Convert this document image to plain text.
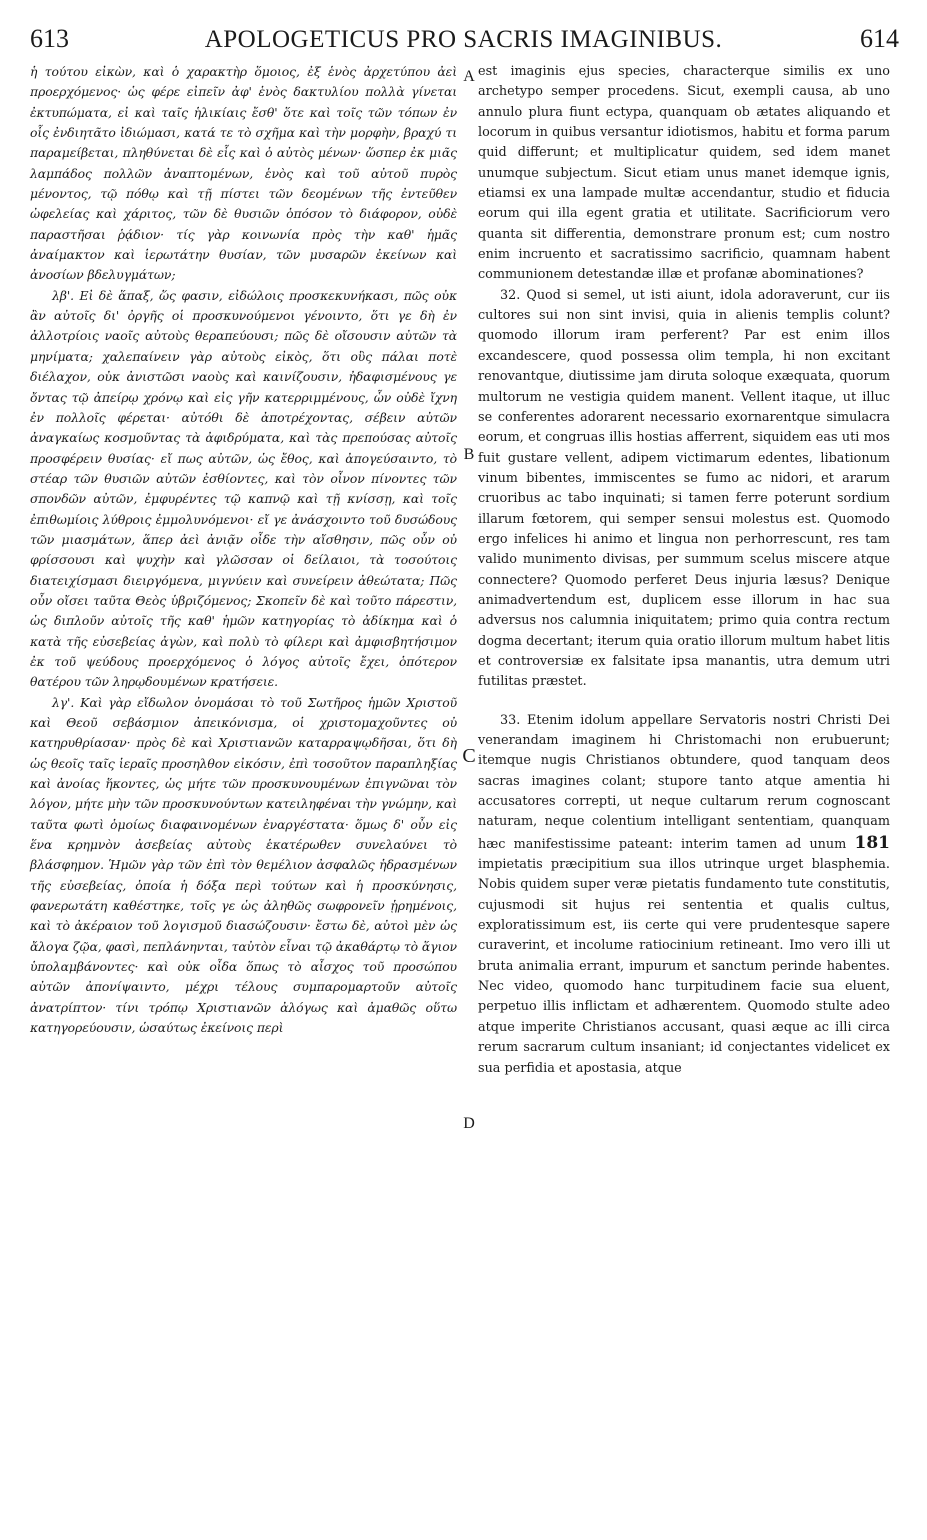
613	APOLOGETICUS PRO SACRIS IMAGINIBUS.	614
A
B
C
D

ἡ τούτου εἰκὼν, καὶ ὁ χαρακτὴρ ὅμοιος, ἐξ ἑνὸς ἀρχετύπου ἀεὶ προερχόμενος· ὡς φέρε εἰπεῖν ἀφ' ἑνὸς δακτυλίου πολλὰ γίνεται ἐκτυπώματα, εἰ καὶ ταῖς ἡλικίαις ἔσθ' ὅτε καὶ τοῖς τῶν τόπων ἐν οἷς ἐνδιητᾶτο ἰδιώμασι, κατά τε τὸ σχῆμα καὶ τὴν μορφὴν, βραχύ τι παραμείβεται, πληθύνεται δὲ εἷς καὶ ὁ αὐτὸς μένων· ὥσπερ ἐκ μιᾶς λαμπάδος πολλῶν ἀναπτομένων, ἑνὸς καὶ τοῦ αὐτοῦ πυρὸς μένοντος, τῷ πόθῳ καὶ τῇ πίστει τῶν δεομένων τῆς ἐντεῦθεν ὠφελείας καὶ χάριτος, τῶν δὲ θυσιῶν ὁπόσον τὸ διάφορον, οὐδὲ παραστῆσαι ῥᾴδιον· τίς γὰρ κοινωνία πρὸς τὴν καθ' ἡμᾶς ἀναίμακτον καὶ ἱερωτάτην θυσίαν, τῶν μυσαρῶν ἐκείνων καὶ ἀνοσίων βδελυγμάτων;

λβ'. Εἰ δὲ ἅπαξ, ὥς φασιν, εἰδώλοις προσκεκυνήκασι, πῶς οὐκ ἂν αὐτοῖς δι' ὀργῆς οἱ προσκυνούμενοι γένοιντο, ὅτι γε δὴ ἐν ἀλλοτρίοις ναοῖς αὐτοὺς θεραπεύουσι; πῶς δὲ οἴσουσιν αὐτῶν τὰ μηνίματα; χαλεπαίνειν γὰρ αὐτοὺς εἰκὸς, ὅτι οὓς πάλαι ποτὲ διέλαχον, οὐκ ἀνιστῶσι ναοὺς καὶ καινίζουσιν, ἠδαφισμένους γε ὄντας τῷ ἀπείρῳ χρόνῳ καὶ εἰς γῆν κατερριμμένους, ὧν οὐδὲ ἴχνη ἐν πολλοῖς φέρεται· αὐτόθι δὲ ἀποτρέχοντας, σέβειν αὐτῶν ἀναγκαίως κοσμοῦντας τὰ ἀφιδρύματα, καὶ τὰς πρεπούσας αὐτοῖς προσφέρειν θυσίας· εἴ πως αὐτῶν, ὡς ἔθος, καὶ ἀπογεύσαιντο, τὸ στέαρ τῶν θυσιῶν αὐτῶν ἐσθίοντες, καὶ τὸν οἶνον πίνοντες τῶν σπονδῶν αὐτῶν, ἐμφυρέντες τῷ καπνῷ καὶ τῇ κνίσσῃ, καὶ τοῖς ἐπιθωμίοις λύθροις ἐμμολυνόμενοι· εἴ γε ἀνάσχοιντο τοῦ δυσώδους τῶν μιασμάτων, ἅπερ ἀεὶ ἀνιᾷν οἶδε τὴν αἴσθησιν, πῶς οὖν οὐ φρίσσουσι καὶ ψυχὴν καὶ γλῶσσαν οἱ δείλαιοι, τὰ τοσούτοις διατειχίσμασι διειργόμενα, μιγνύειν καὶ συνείρειν ἀθεώτατα; Πῶς οὖν οἴσει ταῦτα Θεὸς ὑβριζόμενος; Σκοπεῖν δὲ καὶ τοῦτο πάρεστιν, ὡς διπλοῦν αὐτοῖς τῆς καθ' ἡμῶν κατηγορίας τὸ ἀδίκημα καὶ ὁ κατὰ τῆς εὐσεβείας ἀγὼν, καὶ πολὺ τὸ φίλερι καὶ ἀμφισβητήσιμον ἐκ τοῦ ψεύδους προερχόμενος ὁ λόγος αὐτοῖς ἔχει, ὁπότερον θατέρου τῶν ληρῳδουμένων κρατήσειε.

λγ'. Καὶ γὰρ εἴδωλον ὀνομάσαι τὸ τοῦ Σωτῆρος ἡμῶν Χριστοῦ καὶ Θεοῦ σεβάσμιον ἀπεικόνισμα, οἱ χριστομαχοῦντες οὐ κατηρυθρίασαν· πρὸς δὲ καὶ Χριστιανῶν καταρραψῳδῆσαι, ὅτι δὴ ὡς θεοῖς ταῖς ἱεραῖς προσηλθον εἰκόσιν, ἐπὶ τοσοῦτον παραπληξίας καὶ ἀνοίας ἥκοντες, ὡς μήτε τῶν προσκυνουμένων ἐπιγνῶναι τὸν λόγον, μήτε μὴν τῶν προσκυνούντων κατειληφέναι τὴν γνώμην, καὶ ταῦτα φωτὶ ὁμοίως διαφαινομένων ἐναργέστατα· ὅμως δ' οὖν εἰς ἕνα κρημνὸν ἀσεβείας αὐτοὺς ἑκατέρωθεν συνελαύνει τὸ βλάσφημον. Ἡμῶν γὰρ τῶν ἐπὶ τὸν θεμέλιον ἀσφαλῶς ἡδρασμένων τῆς εὐσεβείας, ὁποία ἡ δόξα περὶ τούτων καὶ ἡ προσκύνησις, φανερωτάτη καθέστηκε, τοῖς γε ὡς ἀληθῶς σωφρονεῖν ᾑρημένοις, καὶ τὸ ἀκέραιον τοῦ λογισμοῦ διασώζουσιν· ἔστω δὲ, αὐτοὶ μὲν ὡς ἄλογα ζῷα, φασὶ, πεπλάνηνται, ταὐτὸν εἶναι τῷ ἀκαθάρτῳ τὸ ἅγιον ὑπολαμβάνοντες· καὶ οὐκ οἶδα ὅπως τὸ αἶσχος τοῦ προσώπου αὐτῶν ἀπονίψαιντο, μέχρι τέλους συμπαρομαρτοῦν αὐτοῖς ἀνατρίπτον· τίνι τρόπῳ Χριστιανῶν ἀλόγως καὶ ἀμαθῶς οὕτω κατηγορεύουσιν, ὡσαύτως ἐκείνοις περὶ

est imaginis ejus species, characterque similis ex uno archetypo semper procedens. Sicut, exempli causa, ab uno annulo plura fiunt ectypa, quanquam ob ætates aliquando et locorum in quibus versantur idiotismos, habitu et forma parum quid differunt; et multiplicatur quidem, sed idem manet unumque subjectum. Sicut etiam unus manet idemque ignis, etiamsi ex una lampade multæ accendantur, studio et fiducia eorum qui illa egent gratia et utilitate. Sacrificiorum vero quanta sit differentia, demonstrare pronum est; cum nostro enim incruento et sacratissimo sacrificio, quamnam habent communionem detestandæ illæ et profanæ abominationes?

32. Quod si semel, ut isti aiunt, idola adoraverunt, cur iis cultores sui non sint invisi, quia in alienis templis colunt? quomodo illorum iram perferent? Par est enim illos excandescere, quod possessa olim templa, hi non excitant renovantque, diutissime jam diruta soloque exæquata, quorum multorum ne vestigia quidem manent. Vellent itaque, ut illuc se conferentes adorarent necessario exornarentque simulacra eorum, et congruas illis hostias afferrent, siquidem eas uti mos fuit gustare vellent, adipem victimarum edentes, libationum vinum bibentes, immiscentes se fumo ac nidori, et ararum cruoribus ac tabo inquinati; si tamen ferre poterunt sordium illarum fœtorem, qui semper sensui molestus est. Quomodo ergo infelices hi animo et lingua non perhorrescunt, res tam valido munimento divisas, per summum scelus miscere atque connectere? Quomodo perferet Deus injuria læsus? Denique animadvertendum est, duplicem esse illorum in hac sua adversus nos calumnia iniquitatem; primo quia contra rectum dogma decertant; iterum quia oratio illorum multum habet litis et controversiæ ex falsitate ipsa manantis, utra demum utri futilitas præstet.

33. Etenim idolum appellare Servatoris nostri Christi Dei venerandam imaginem hi Christomachi non erubuerunt; itemque nugis Christianos obtundere, quod tanquam deos sacras imagines colant; stupore tanto atque amentia hi accusatores correpti, ut neque cultarum rerum cognoscant naturam, neque colentium intelligant sententiam, quanquam hæc manifestissime pateant: interim tamen ad unum 181 impietatis præcipitium sua illos utrinque urget blasphemia. Nobis quidem super veræ pietatis fundamento tute constitutis, cujusmodi sit hujus rei sententia et qualis cultus, exploratissimum est, iis certe qui vere prudentesque sapere curaverint, et incolume ratiocinium retineant. Imo vero illi ut bruta animalia errant, impurum et sanctum perinde habentes. Nec video, quomodo hanc turpitudinem facie sua eluent, perpetuo illis inflictam et adhærentem. Quomodo stulte adeo atque imperite Christianos accusant, quasi æque ac illi circa rerum sacrarum cultum insaniant; id conjectantes videlicet ex sua perfidia et apostasia, atque
